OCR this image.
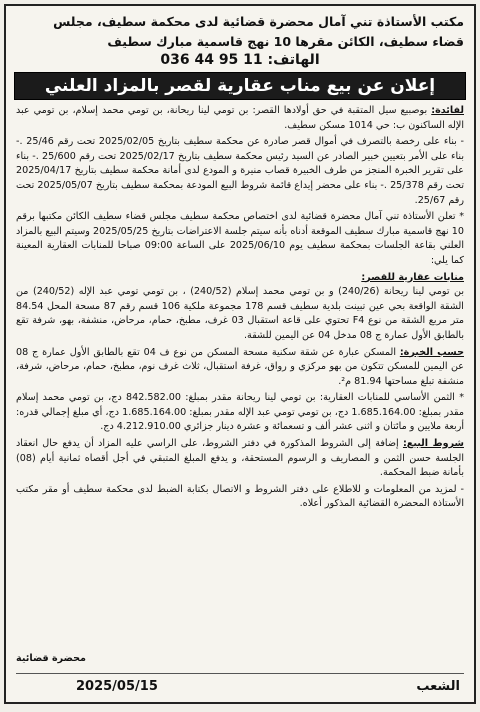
مكتب الأستاذة تني آمال محضرة قضائية لدى محكمة سطيف، مجلس
قضاء سطيف، الكائن مقرها 10 نهج قاسمية مبارك سطيف
الهاتف: 036 44 95 11
إعلان عن بيع مناب عقارية لقصر بالمزاد العلني

لفائدة: بوصبيع سيل المتقبة في حق أولادها القصر: بن تومي لينا ريحانة، بن تومي محمد إسلام، بن تومي عبد الإله الساكنون ب: حي 1014 مسكن سطيف.

- بناء على رخصة بالتصرف في أموال قصر صادرة عن محكمة سطيف بتاريخ 2025/02/05 تحت رقم 25/46 .- بناء على الأمر بتعيين خبير الصادر عن السيد رئيس محكمة سطيف بتاريخ 2025/02/17 تحت رقم 25/600 .- بناء على تقرير الخبرة المنجز من طرف الخبيرة قصاب منيرة و المودع لدى أمانة محكمة سطيف بتاريخ 2025/04/17 تحت رقم 25/378 .- بناء على محضر إيداع قائمة شروط البيع المودعة بمحكمة سطيف بتاريخ 2025/05/07 تحت رقم 25/67.

* تعلن الأستاذة تني آمال محضرة قضائية لدى اختصاص محكمة سطيف مجلس قضاء سطيف الكائن مكتبها برقم 10 نهج قاسمية مبارك سطيف الموقعة أدناه بأنه سيتم جلسة الاعتراضات بتاريخ 2025/05/25 وسيتم البيع بالمزاد العلني بقاعة الجلسات بمحكمة سطيف يوم 2025/06/10 على الساعة 09:00 صباحا للمنابات العقارية المعينة كما يلي:

منابات عقارية للقصر:
بن تومي لينا ريحانة (240/26) و بن تومي محمد إسلام (240/52) ، بن تومي تومي عبد الإله (240/52) من الشقة الواقعة بحي عين تبينت بلدية سطيف قسم 178 مجموعة ملكية 106 قسم رقم 87 مسحة المحل 84.54 متر مربع الشقة من نوع F4 تحتوي على قاعة استقبال 03 غرف، مطبخ، حمام، مرحاض، منشفة، بهو، شرفة تقع بالطابق الأول عمارة ج 08 مدخل 04 عن اليمين للشقة.

حسب الخبرة: المسكن عبارة عن شقة سكنية مسحة المسكن من نوع ف 04 تقع بالطابق الأول عمارة ج 08 عن اليمين للمسكن تتكون من بهو مركزي و رواق، غرفة استقبال، ثلاث غرف نوم، مطبخ، حمام، مرحاض، شرفة، منشفة تبلغ مساحتها 81.94 م².

* الثمن الأساسي للمنابات العقارية: بن تومي لينا ريحانة مقدر بمبلغ: 842.582.00 دج، بن تومي محمد إسلام مقدر بمبلغ: 1.685.164.00 دج، بن تومي تومي عبد الإله مقدر بمبلغ: 1.685.164.00 دج، أي مبلغ إجمالي قدره: أربعة ملايين و مائتان و اثنى عشر ألف و تسعمائة و عشرة دينار جزائري 4.212.910.00 دج.

شروط البيع: إضافة إلى الشروط المذكورة في دفتر الشروط، على الراسي عليه المزاد أن يدفع حال انعقاد الجلسة حسن الثمن و المصاريف و الرسوم المستحقة، و يدفع المبلغ المتبقي في أجل أقصاه ثمانية أيام (08) بأمانة ضبط المحكمة.

- لمزيد من المعلومات و للاطلاع على دفتر الشروط و الاتصال بكتابة الضبط لدى محكمة سطيف أو مقر مكتب الأستاذة المحضرة القضائية المذكور أعلاه.

محضرة قضائية
الشعب
2025/05/15
